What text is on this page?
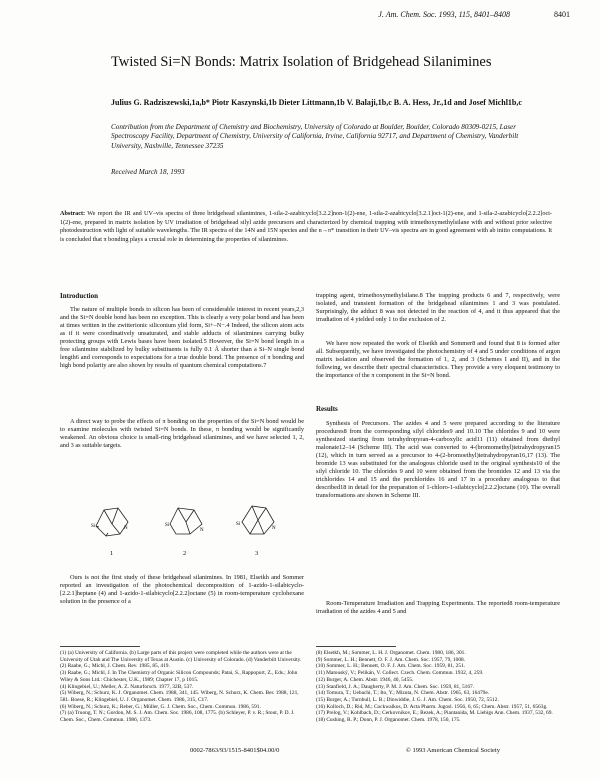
J. Am. Chem. Soc. 1993, 115, 8401–8408	8401
Twisted Si=N Bonds: Matrix Isolation of Bridgehead Silanimines
Julius G. Radziszewski,1a,b* Piotr Kaszynski,1b Dieter Littmann,1b V. Balaji,1b,c B. A. Hess, Jr.,1d and Josef Michl1b,c
Contribution from the Department of Chemistry and Biochemistry, University of Colorado at Boulder, Boulder, Colorado 80309-0215, Laser Spectroscopy Facility, Department of Chemistry, University of California, Irvine, California 92717, and Department of Chemistry, Vanderbilt University, Nashville, Tennessee 37235
Received March 18, 1993
Abstract: We report the IR and UV–vis spectra of three bridgehead silanimines, 1-sila-2-azabicyclo[3.2.2]non-1(2)-ene, 1-sila-2-azabicyclo[3.2.1]oct-1(2)-ene, and 1-sila-2-azabicyclo[2.2.2]oct-1(2)-ene, prepared in matrix isolation by UV irradiation of bridgehead silyl azide precursors and characterized by chemical trapping with trimethoxymethylsilane with and without prior selective photodestruction with light of suitable wavelengths. The IR spectra of the 14N and 15N species and the n→π* transition in their UV–vis spectra are in good agreement with ab initio computations. It is concluded that π bonding plays a crucial role in determining the properties of silanimines.
Introduction

The nature of multiple bonds to silicon has been of considerable interest in recent years,2,3 and the Si=N double bond has been no exception. This is clearly a very polar bond and has been at times written in the zwitterionic siliconium ylid form, Si+–N−.4 Indeed, the silicon atom acts as if it were coordinatively unsaturated, and stable adducts of silanimines carrying bulky protecting groups with Lewis bases have been isolated.5 However, the Si=N bond length in a free silanimine stabilized by bulky substituents is fully 0.1 Å shorter than a Si–N single bond length6 and corresponds to expectations for a true double bond. The presence of π bonding and high bond polarity are also shown by results of quantum chemical computations.7

A direct way to probe the effects of π bonding on the properties of the Si=N bond would be to examine molecules with twisted Si=N bonds. In these, π bonding would be significantly weakened. An obvious choice is small-ring bridgehead silanimines, and we have selected 1, 2, and 3 as suitable targets.

Si	N
Si
N
Si
N
1	2	3

Ours is not the first study of these bridgehead silanimines. In 1981, Elsetkh and Sommer reported an investigation of the photochemical decomposition of 1-azido-1-silabicyclo-[2.2.1]heptane (4) and 1-azido-1-silabicyclo[2.2.2]octane (5) in room-temperature cyclohexane solution in the presence of a

trapping agent, trimethoxymethylsilane.8 The trapping products 6 and 7, respectively, were isolated, and transient formation of the bridgehead silanimines 1 and 3 was postulated. Surprisingly, the adduct 8 was not detected in the reaction of 4, and it thus appeared that the irradiation of 4 yielded only 1 to the exclusion of 2.

We have now repeated the work of Elsetkh and Sommer8 and found that 8 is formed after all. Subsequently, we have investigated the photochemistry of 4 and 5 under conditions of argon matrix isolation and observed the formation of 1, 2, and 3 (Schemes I and II), and in the following, we describe their spectral characteristics. They provide a very eloquent testimony to the importance of the π component in the Si=N bond.

Results

Synthesis of Precursors. The azides 4 and 5 were prepared according to the literature procedures8 from the corresponding silyl chlorides9 and 10.10 The chlorides 9 and 10 were synthesized starting from tetrahydropyran-4-carboxylic acid11 (11) obtained from diethyl malonate12–14 (Scheme III). The acid was converted to 4-(bromomethyl)tetrahydropyran15 (12), which in turn served as a precursor to 4-(2-bromoethyl)tetrahydropyran16,17 (13). The bromide 13 was substituted for the analogous chloride used in the original synthesis10 of the silyl chloride 10. The chlorides 9 and 10 were obtained from the bromides 12 and 13 via the trichlorides 14 and 15 and the perchlorides 16 and 17 in a procedure analogous to that described18 in detail for the preparation of 1-chloro-1-silabicyclo[2.2.2]octane (10). The overall transformations are shown in Scheme III.

Room-Temperature Irradiation and Trapping Experiments. The reported8 room-temperature irradiation of the azides 4 and 5 and

(1) (a) University of California. (b) Large parts of this project were completed while the authors were at the University of Utah and The University of Texas at Austin. (c) University of Colorado. (d) Vanderbilt University.
(2) Raabe, G.; Michl, J. Chem. Rev. 1985, 85, 419.
(3) Raabe, G.; Michl, J. In The Chemistry of Organic Silicon Compounds; Patai, S., Rappoport, Z., Eds.; John Wiley & Sons Ltd.: Chichester, U.K., 1989; Chapter 17, p 1015.
(4) Klingebiel, U.; Meller, A. Z. Naturforsch. 1977, 32B, 537.
(5) Wiberg, N.; Schurz, K. J. Organomet. Chem. 1988, 341, 145. Wiberg, N. Schurz, K. Chem. Ber. 1988, 121, 581. Boese, R.; Klingebiel, U. J. Organomet. Chem. 1986, 315, C17.
(6) Wiberg, N.; Schurz, K.; Reber, G.; Müller, G. J. Chem. Soc., Chem. Commun. 1986, 591.
(7) (a) Truong, T. N.; Gordon, M. S. J. Am. Chem. Soc. 1986, 108, 1775. (b) Schleyer, P. v. R.; Stout, P. D. J. Chem. Soc., Chem. Commun. 1986, 1373.
(8) Elsetkh, M.; Sommer, L. H. J. Organomet. Chem. 1980, 186, 301.
(9) Sommer, L. H.; Bennett, O. F. J. Am. Chem. Soc. 1957, 79, 1008.
(10) Sommer, L. H.; Bennett, O. F. J. Am. Chem. Soc. 1959, 81, 251.
(11) Matouský, V.; Pelikán, V. Collect. Czech. Chem. Commun. 1932, 4, 259.
(12) Burger, A. Chem. Abstr. 1946, 40, 5455.
(13) Stanfield, J. A.; Daugherty, P. M. J. Am. Chem. Soc. 1959, 81, 5167.
(14) Tomura, T.; Uebachi, T.; Ito, Y.; Mizuta, N. Chem. Abstr. 1965, 63, 16479e.
(15) Burger, A.; Turnbull, L. B.; Dinwiddie, J. G. J. Am. Chem. Soc. 1950, 72, 5512.
(16) Kolloch, D.; Rid, M.; Cockwalkos, D. Acta Pharm. Jugosl. 1956, 6, 65; Chem. Abstr. 1957, 51, 6563g.
(17) Prelog, V.; Kohlbach, D.; Cerkovnikov, E.; Rezek, A.; Piantanida, M. Liebigs Ann. Chem. 1937, 532, 69.
(18) Cushing, R. P.; Donn, P. J. Organomet. Chem. 1978, 150, 175.
0002-7863/93/1515-8401$04.00/0	© 1993 American Chemical Society
